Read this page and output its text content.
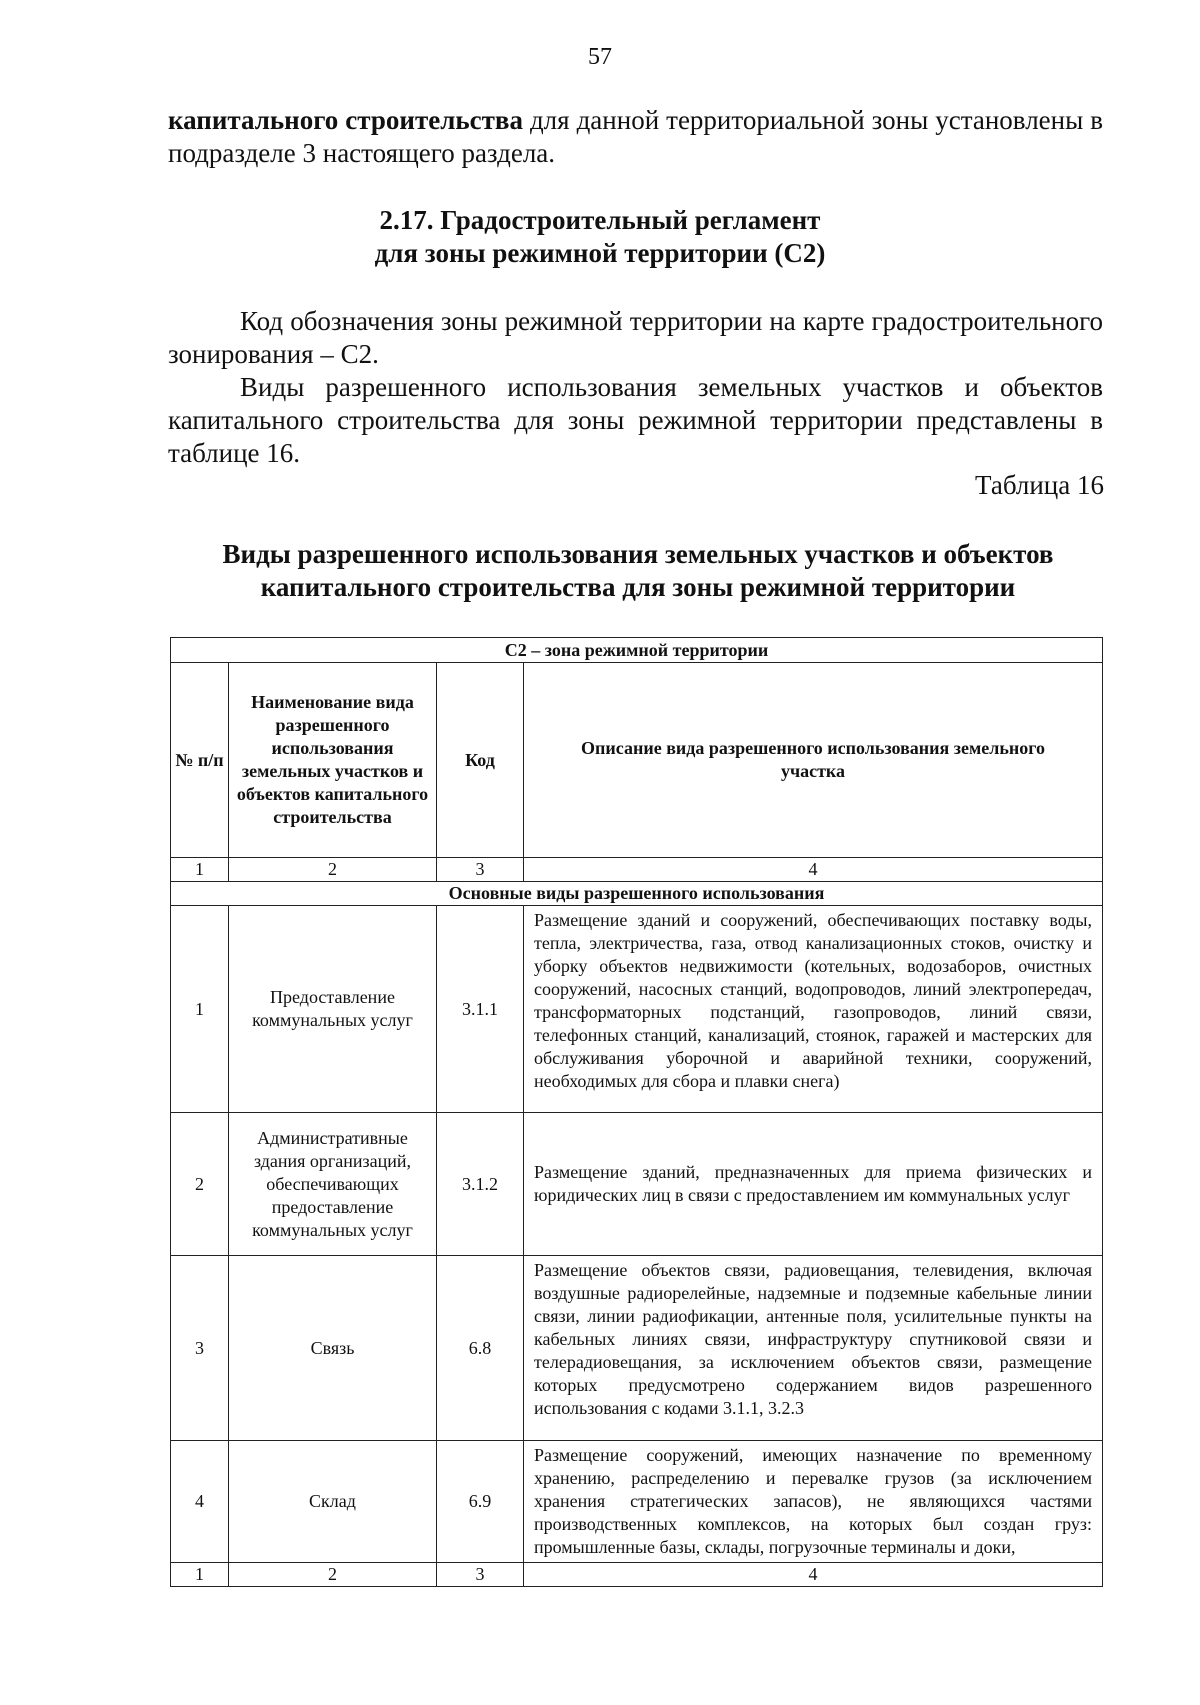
57

капитального строительства для данной территориальной зоны установлены в подразделе 3 настоящего раздела.

2.17. Градостроительный регламент
для зоны режимной территории (С2)

Код обозначения зоны режимной территории на карте градостроительного зонирования – С2.

Виды разрешенного использования земельных участков и объектов капитального строительства для зоны режимной территории представлены в таблице 16.

Таблица 16
Виды разрешенного использования земельных участков и объектов
капитального строительства для зоны режимной территории
С2 – зона режимной территории			
№ п/п	Наименование вида разрешенного использования земельных участков и объектов капитального строительства	Код	Описание вида разрешенного использования земельного участка
1	2	3	4
Основные виды разрешенного использования			
1	Предоставление коммунальных услуг	3.1.1	Размещение зданий и сооружений, обеспечивающих поставку воды, тепла, электричества, газа, отвод канализационных стоков, очистку и уборку объектов недвижимости (котельных, водозаборов, очистных сооружений, насосных станций, водопроводов, линий электропередач, трансформаторных подстанций, газопроводов, линий связи, телефонных станций, канализаций, стоянок, гаражей и мастерских для обслуживания уборочной и аварийной техники, сооружений, необходимых для сбора и плавки снега)
2	Административные здания организаций, обеспечивающих предоставление коммунальных услуг	3.1.2	Размещение зданий, предназначенных для приема физических и юридических лиц в связи с предоставлением им коммунальных услуг
3	Связь	6.8	Размещение объектов связи, радиовещания, телевидения, включая воздушные радиорелейные, надземные и подземные кабельные линии связи, линии радиофикации, антенные поля, усилительные пункты на кабельных линиях связи, инфраструктуру спутниковой связи и телерадиовещания, за исключением объектов связи, размещение которых предусмотрено содержанием видов разрешенного использования с кодами 3.1.1, 3.2.3
4	Склад	6.9	Размещение сооружений, имеющих назначение по временному хранению, распределению и перевалке грузов (за исключением хранения стратегических запасов), не являющихся частями производственных комплексов, на которых был создан груз: промышленные базы, склады, погрузочные терминалы и доки,
1	2	3	4
